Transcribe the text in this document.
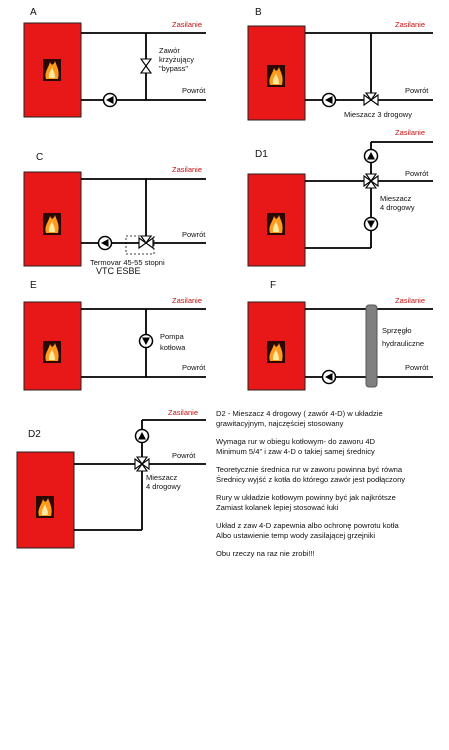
A
Zasilanie
Powrót
Zawór
krzyżujący
"bypass"
B
Zasilanie
Powrót
Mieszacz 3 drogowy
C
Zasilanie
Powrót
Termovar 45-55 stopni
VTC ESBE
D1
Zasilanie
Powrót
Mieszacz
4 drogowy
E
Zasilanie
Powrót
Pompa
kotłowa
F
Zasilanie
Powrót
Sprzęgło
hydrauliczne
D2
Zasilanie
Powrót
Mieszacz
4 drogowy

D2 - Mieszacz 4 drogowy ( zawór 4-D) w układzie
grawitacyjnym, najczęściej stosowany

Wymaga rur w obiegu kotłowym- do zaworu 4D
Minimum 5/4" i zaw 4-D o takiej samej średnicy

Teoretycznie średnica rur w zaworu powinna być równa
Średnicy wyjść z kotła do którego zawór jest podłączony

Rury w układzie kotłowym powinny być jak najkrótsze
Zamiast kolanek lepiej stosować łuki

Układ z zaw 4-D zapewnia albo ochronę powrotu kotła
Albo ustawienie temp wody zasilającej grzejniki

Obu rzeczy na raz nie zrobi!!!
